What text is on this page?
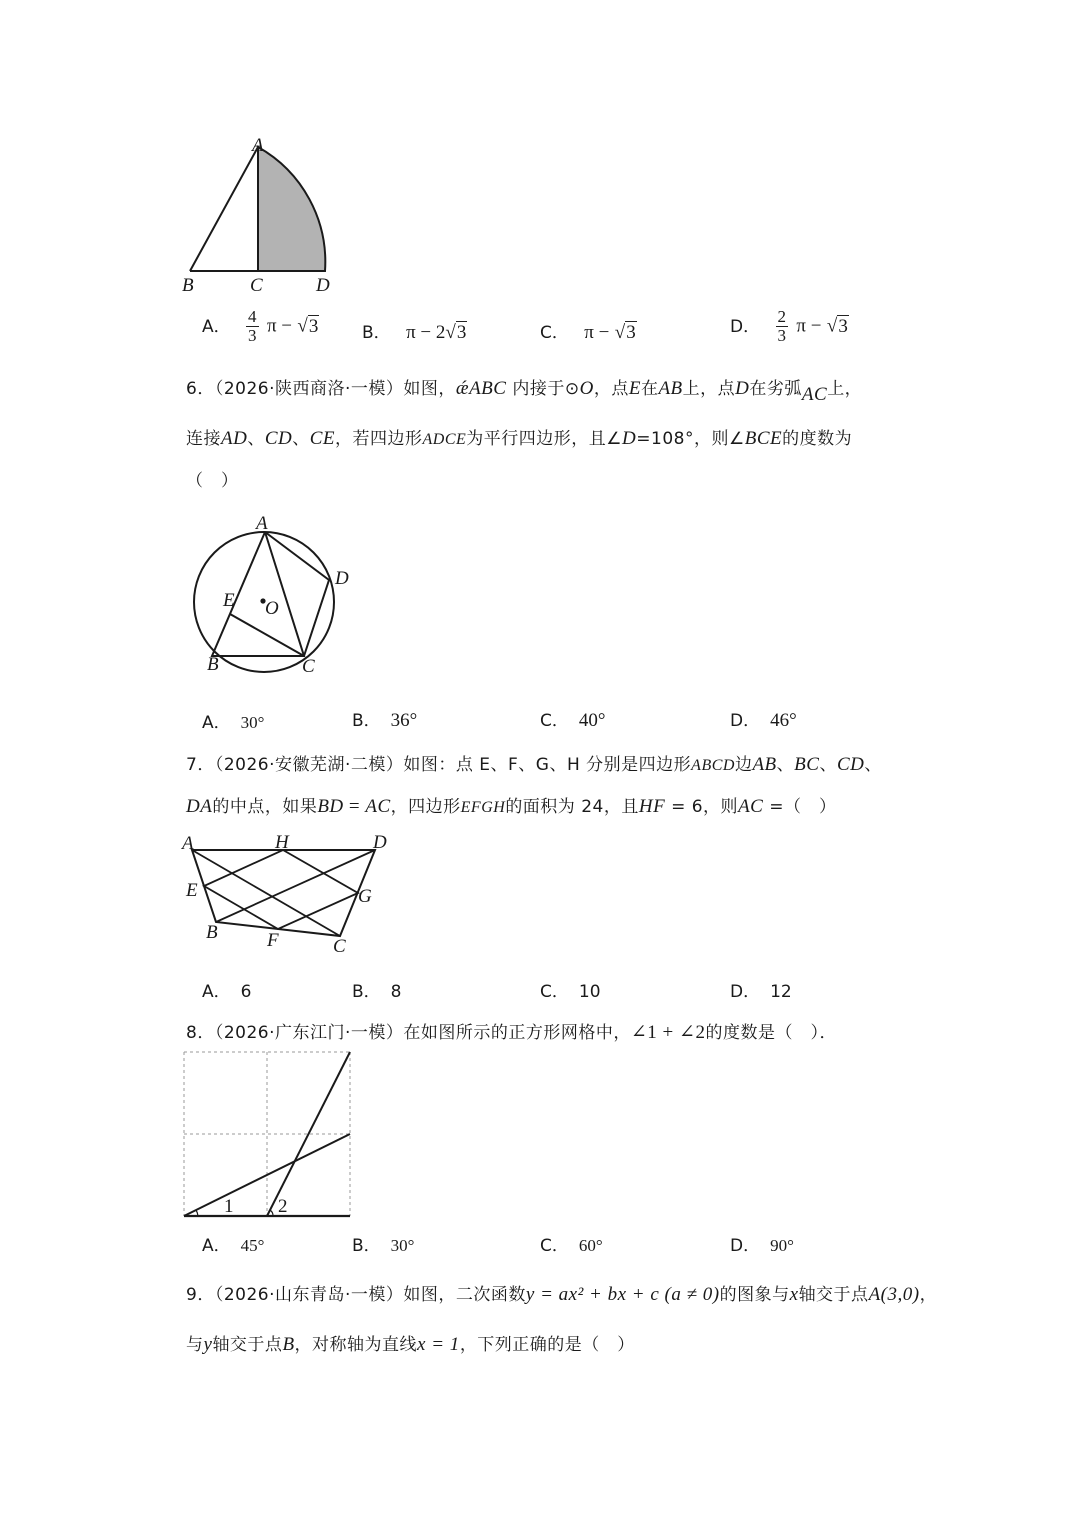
A
B	C	D
A． $\frac{4}{3}$ π − √3	B． π − 2√3	C． π − √3	D． $\frac{2}{3}$ π − √3
6．（2026·陕西商洛·一模）如图，ǽABC 内接于⊙O，点E在AB上，点D在劣弧AC上，
连接AD、CD、CE，若四边形ADCE为平行四边形，且∠D=108°，则∠BCE的度数为
（　）
A
D
E O
B	C
A． 30°	B． 36°	C． 40°	D． 46°
7．（2026·安徽芜湖·二模）如图：点 E、F、G、H 分别是四边形ABCD边AB、BC、CD、
DA的中点，如果BD = AC，四边形EFGH的面积为 24，且HF = 6，则AC =（　）
A	H	D
E	G
B	F	C
A． 6	B． 8	C． 10	D． 12
8．（2026·广东江门·一模）在如图所示的正方形网格中，∠1 + ∠2的度数是（　）．
1 2
A． 45°	B． 30°	C． 60°	D． 90°
9．（2026·山东青岛·一模）如图，二次函数y = ax² + bx + c (a ≠ 0)的图象与x轴交于点A(3,0)，
与y轴交于点B，对称轴为直线x = 1，下列正确的是（　）
